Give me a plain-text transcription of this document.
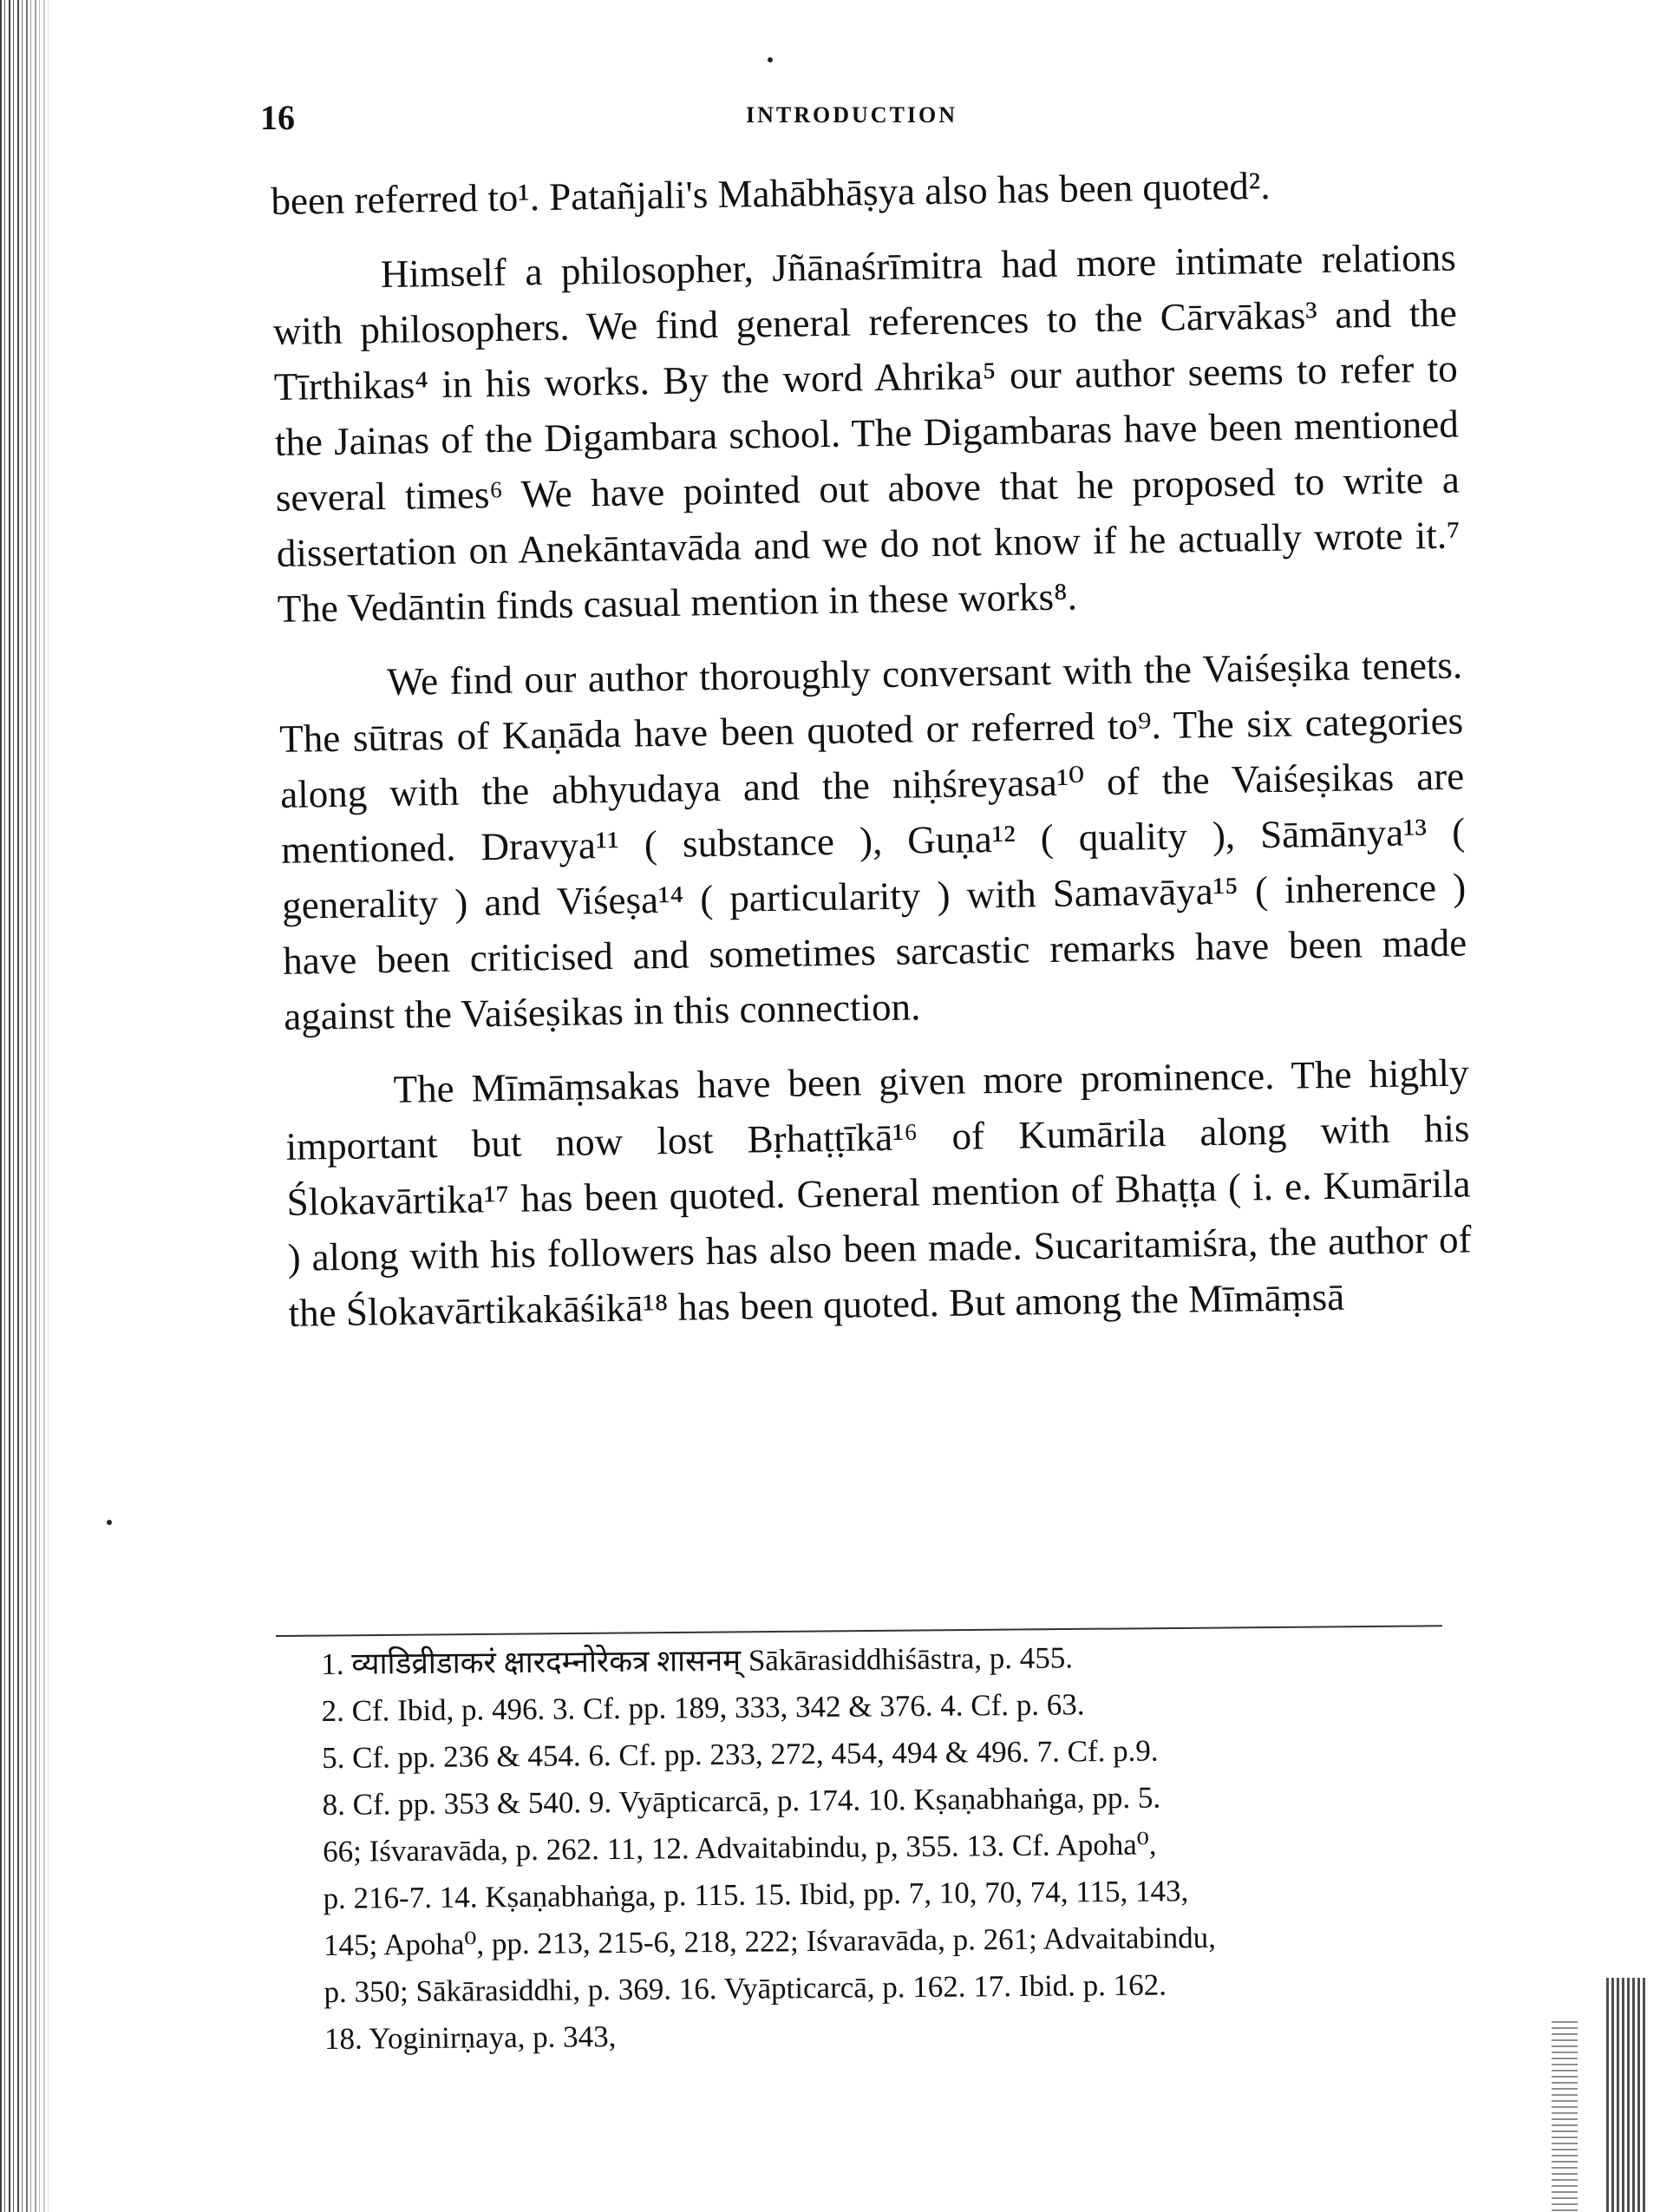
16	INTRODUCTION

been referred to¹. Patañjali's Mahābhāṣya also has been quoted².

Himself a philosopher, Jñānaśrīmitra had more intimate relations with philosophers. We find general references to the Cārvākas³ and the Tīrthikas⁴ in his works. By the word Ahrika⁵ our author seems to refer to the Jainas of the Digambara school. The Digambaras have been mentioned several times⁶ We have pointed out above that he proposed to write a dissertation on Anekāntavāda and we do not know if he actually wrote it.⁷ The Vedāntin finds casual mention in these works⁸.

We find our author thoroughly conversant with the Vaiśeṣika tenets. The sūtras of Kaṇāda have been quoted or referred to⁹. The six categories along with the abhyudaya and the niḥśreyasa¹⁰ of the Vaiśeṣikas are mentioned. Dravya¹¹ ( substance ), Guṇa¹² ( quality ), Sāmānya¹³ ( generality ) and Viśeṣa¹⁴ ( particularity ) with Samavāya¹⁵ ( inherence ) have been criticised and sometimes sarcastic remarks have been made against the Vaiśeṣikas in this connection.

The Mīmāṃsakas have been given more prominence. The highly important but now lost Bṛhaṭṭīkā¹⁶ of Kumārila along with his Ślokavārtika¹⁷ has been quoted. General mention of Bhaṭṭa ( i. e. Kumārila ) along with his followers has also been made. Sucaritamiśra, the author of the Ślokavārtikakāśikā¹⁸ has been quoted. But among the Mīmāṃsā

1. व्याडिव्रीडाकरं क्षारदम्नोरेकत्र शासनम् Sākārasiddhiśāstra, p. 455.
2. Cf. Ibid, p. 496. 3. Cf. pp. 189, 333, 342 & 376. 4. Cf. p. 63.
5. Cf. pp. 236 & 454. 6. Cf. pp. 233, 272, 454, 494 & 496. 7. Cf. p.9.
8. Cf. pp. 353 & 540. 9. Vyāpticarcā, p. 174. 10. Kṣaṇabhaṅga, pp. 5.
66; Iśvaravāda, p. 262. 11, 12. Advaitabindu, p, 355. 13. Cf. Apoha⁰,
p. 216-7. 14. Kṣaṇabhaṅga, p. 115. 15. Ibid, pp. 7, 10, 70, 74, 115, 143,
145; Apoha⁰, pp. 213, 215-6, 218, 222; Iśvaravāda, p. 261; Advaitabindu,
p. 350; Sākārasiddhi, p. 369. 16. Vyāpticarcā, p. 162. 17. Ibid. p. 162.
18. Yoginirṇaya, p. 343,
